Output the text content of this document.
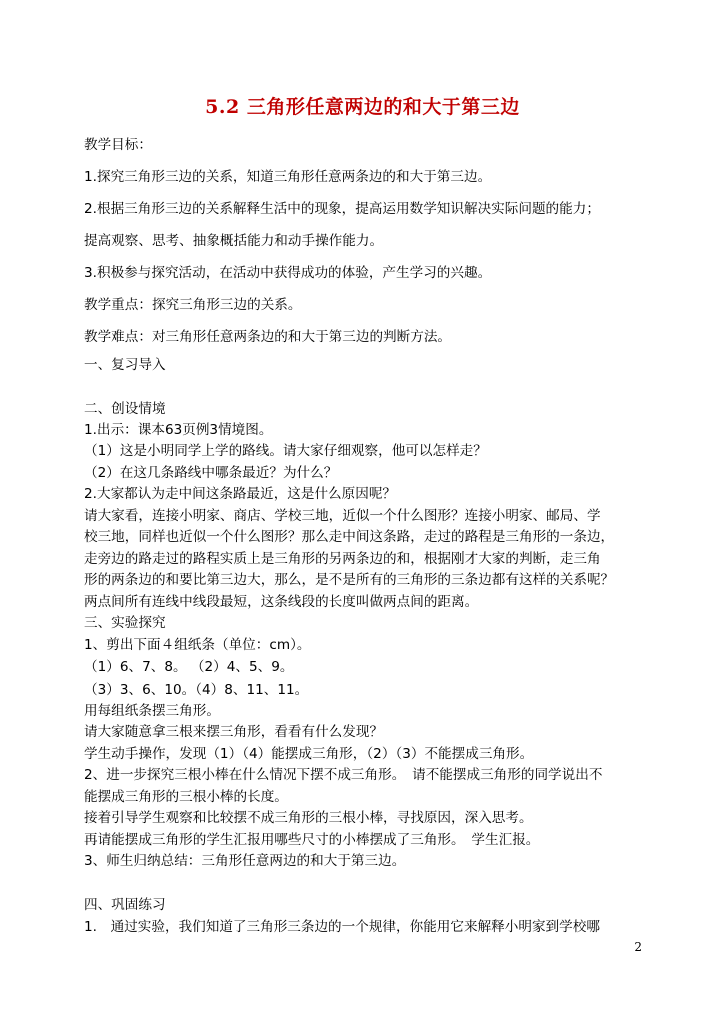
5.2 三角形任意两边的和大于第三边
教学目标：
1.探究三角形三边的关系，知道三角形任意两条边的和大于第三边。
2.根据三角形三边的关系解释生活中的现象，提高运用数学知识解决实际问题的能力；
提高观察、思考、抽象概括能力和动手操作能力。
3.积极参与探究活动，在活动中获得成功的体验，产生学习的兴趣。
教学重点：探究三角形三边的关系。
教学难点：对三角形任意两条边的和大于第三边的判断方法。
一、复习导入
二、创设情境
1.出示：课本63页例3情境图。
（1）这是小明同学上学的路线。请大家仔细观察，他可以怎样走？
（2）在这几条路线中哪条最近？为什么？
2.大家都认为走中间这条路最近，这是什么原因呢？
请大家看，连接小明家、商店、学校三地，近似一个什么图形？连接小明家、邮局、学
校三地，同样也近似一个什么图形？那么走中间这条路，走过的路程是三角形的一条边，
走旁边的路走过的路程实质上是三角形的另两条边的和，根据刚才大家的判断，走三角
形的两条边的和要比第三边大，那么，是不是所有的三角形的三条边都有这样的关系呢？
两点间所有连线中线段最短，这条线段的长度叫做两点间的距离。
三、实验探究
1、剪出下面４组纸条（单位：cm）。
（1）6、7、8。 （2）4、5、9。
（3）3、6、10。（4）8、11、11。
用每组纸条摆三角形。
请大家随意拿三根来摆三角形，看看有什么发现？
学生动手操作，发现（1）（4）能摆成三角形，（2）（3）不能摆成三角形。
2、进一步探究三根小棒在什么情况下摆不成三角形。　请不能摆成三角形的同学说出不
能摆成三角形的三根小棒的长度。
接着引导学生观察和比较摆不成三角形的三根小棒，寻找原因，深入思考。
再请能摆成三角形的学生汇报用哪些尺寸的小棒摆成了三角形。　学生汇报。
3、师生归纳总结：三角形任意两边的和大于第三边。
四、巩固练习
1.　通过实验，我们知道了三角形三条边的一个规律，你能用它来解释小明家到学校哪
2
